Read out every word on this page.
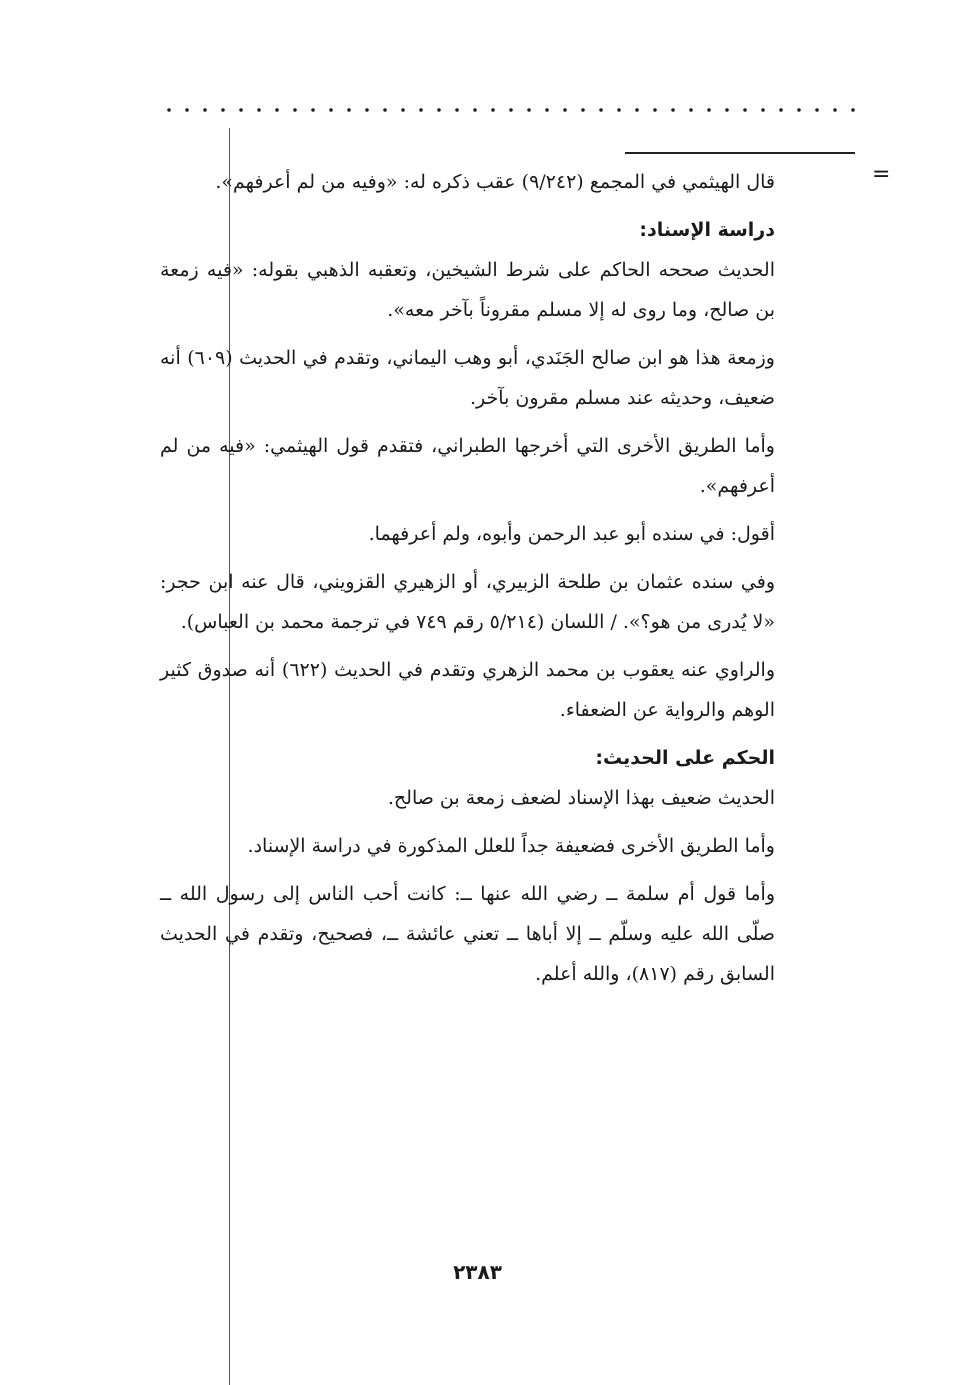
=

قال الهيثمي في المجمع (٩/٢٤٢) عقب ذكره له: «وفيه من لم أعرفهم».

دراسة الإسناد:

الحديث صححه الحاكم على شرط الشيخين، وتعقبه الذهبي بقوله: «فيه زمعة بن صالح، وما روى له إلا مسلم مقروناً بآخر معه».

وزمعة هذا هو ابن صالح الجَنَدي، أبو وهب اليماني، وتقدم في الحديث (٦٠٩) أنه ضعيف، وحديثه عند مسلم مقرون بآخر.

وأما الطريق الأخرى التي أخرجها الطبراني، فتقدم قول الهيثمي: «فيه من لم أعرفهم».

أقول: في سنده أبو عبد الرحمن وأبوه، ولم أعرفهما.

وفي سنده عثمان بن طلحة الزبيري، أو الزهيري القزويني، قال عنه ابن حجر: «لا يُدرى من هو؟». / اللسان (٥/٢١٤ رقم ٧٤٩ في ترجمة محمد بن العباس).

والراوي عنه يعقوب بن محمد الزهري وتقدم في الحديث (٦٢٢) أنه صدوق كثير الوهم والرواية عن الضعفاء.

الحكم على الحديث:

الحديث ضعيف بهذا الإسناد لضعف زمعة بن صالح.

وأما الطريق الأخرى فضعيفة جداً للعلل المذكورة في دراسة الإسناد.

وأما قول أم سلمة ــ رضي الله عنها ــ: كانت أحب الناس إلى رسول الله ــ صلّى الله عليه وسلّم ــ إلا أباها ــ تعني عائشة ــ، فصحيح، وتقدم في الحديث السابق رقم (٨١٧)، والله أعلم.

٢٣٨٣
